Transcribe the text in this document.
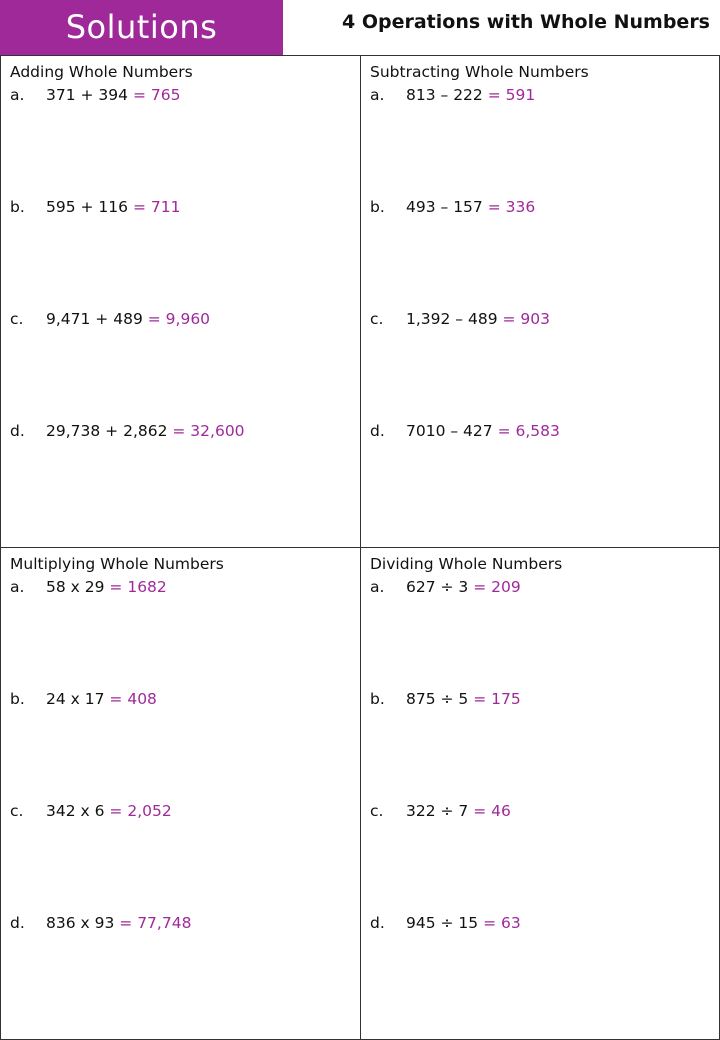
Solutions	4 Operations with Whole Numbers
Adding Whole Numbers
a. 371 + 394 = 765
b. 595 + 116 = 711
c. 9,471 + 489 = 9,960
d. 29,738 + 2,862 = 32,600
Subtracting Whole Numbers
a. 813 – 222 = 591
b. 493 – 157 = 336
c. 1,392 – 489 = 903
d. 7010 – 427 = 6,583
Multiplying Whole Numbers
a. 58 x 29 = 1682
b. 24 x 17 = 408
c. 342 x 6 = 2,052
d. 836 x 93 = 77,748
Dividing Whole Numbers
a. 627 ÷ 3 = 209
b. 875 ÷ 5 = 175
c. 322 ÷ 7 = 46
d. 945 ÷ 15 = 63
